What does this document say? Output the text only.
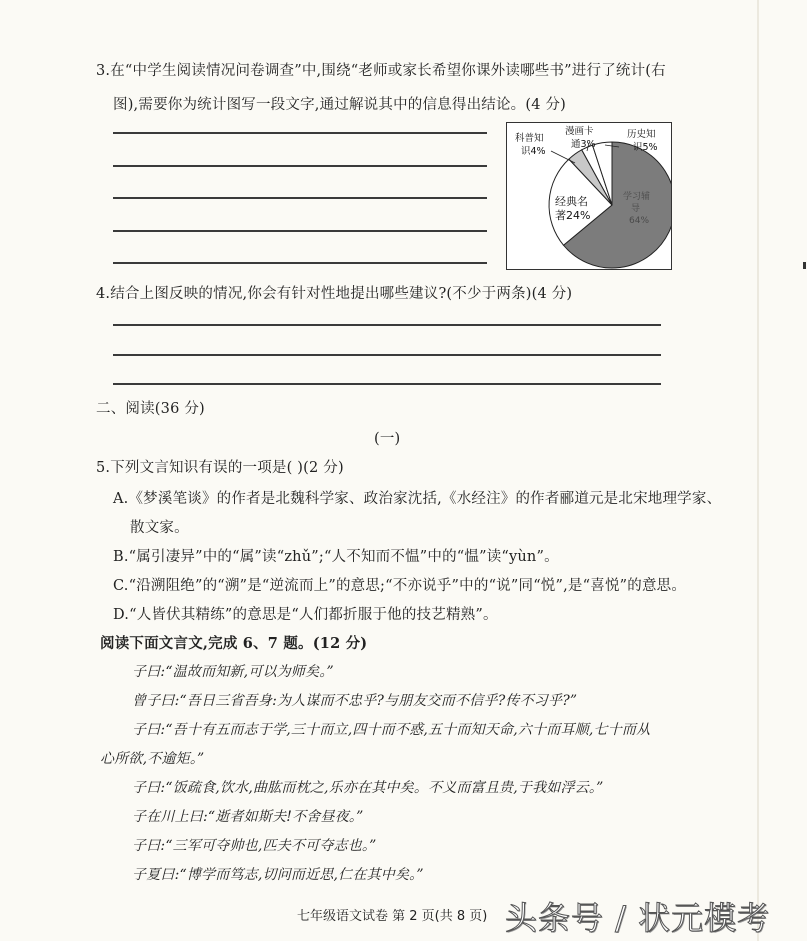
3.在“中学生阅读情况问卷调查”中,围绕“老师或家长希望你课外读哪些书”进行了统计(右
图),需要你为统计图写一段文字,通过解说其中的信息得出结论。(4 分)
科普知
识4%
漫画卡
通3%
历史知
识5%
经典名
著24%
学习辅
导
64%
4.结合上图反映的情况,你会有针对性地提出哪些建议?(不少于两条)(4 分)
二、阅读(36 分)
(一)
5.下列文言知识有误的一项是( )(2 分)
A.《梦溪笔谈》的作者是北魏科学家、政治家沈括,《水经注》的作者郦道元是北宋地理学家、
散文家。
B.“属引凄异”中的“属”读“zhǔ”;“人不知而不愠”中的“愠”读“yùn”。
C.“沿溯阻绝”的“溯”是“逆流而上”的意思;“不亦说乎”中的“说”同“悦”,是“喜悦”的意思。
D.“人皆伏其精练”的意思是“人们都折服于他的技艺精熟”。
阅读下面文言文,完成 6、7 题。(12 分)
子曰:“温故而知新,可以为师矣。”
曾子曰:“吾日三省吾身:为人谋而不忠乎?与朋友交而不信乎?传不习乎?”
子曰:“吾十有五而志于学,三十而立,四十而不惑,五十而知天命,六十而耳顺,七十而从
心所欲,不逾矩。”
子曰:“饭疏食,饮水,曲肱而枕之,乐亦在其中矣。不义而富且贵,于我如浮云。”
子在川上曰:“逝者如斯夫!不舍昼夜。”
子曰:“三军可夺帅也,匹夫不可夺志也。”
子夏曰:“博学而笃志,切问而近思,仁在其中矣。”
七年级语文试卷 第 2 页(共 8 页) 头条号 / 状元模考
